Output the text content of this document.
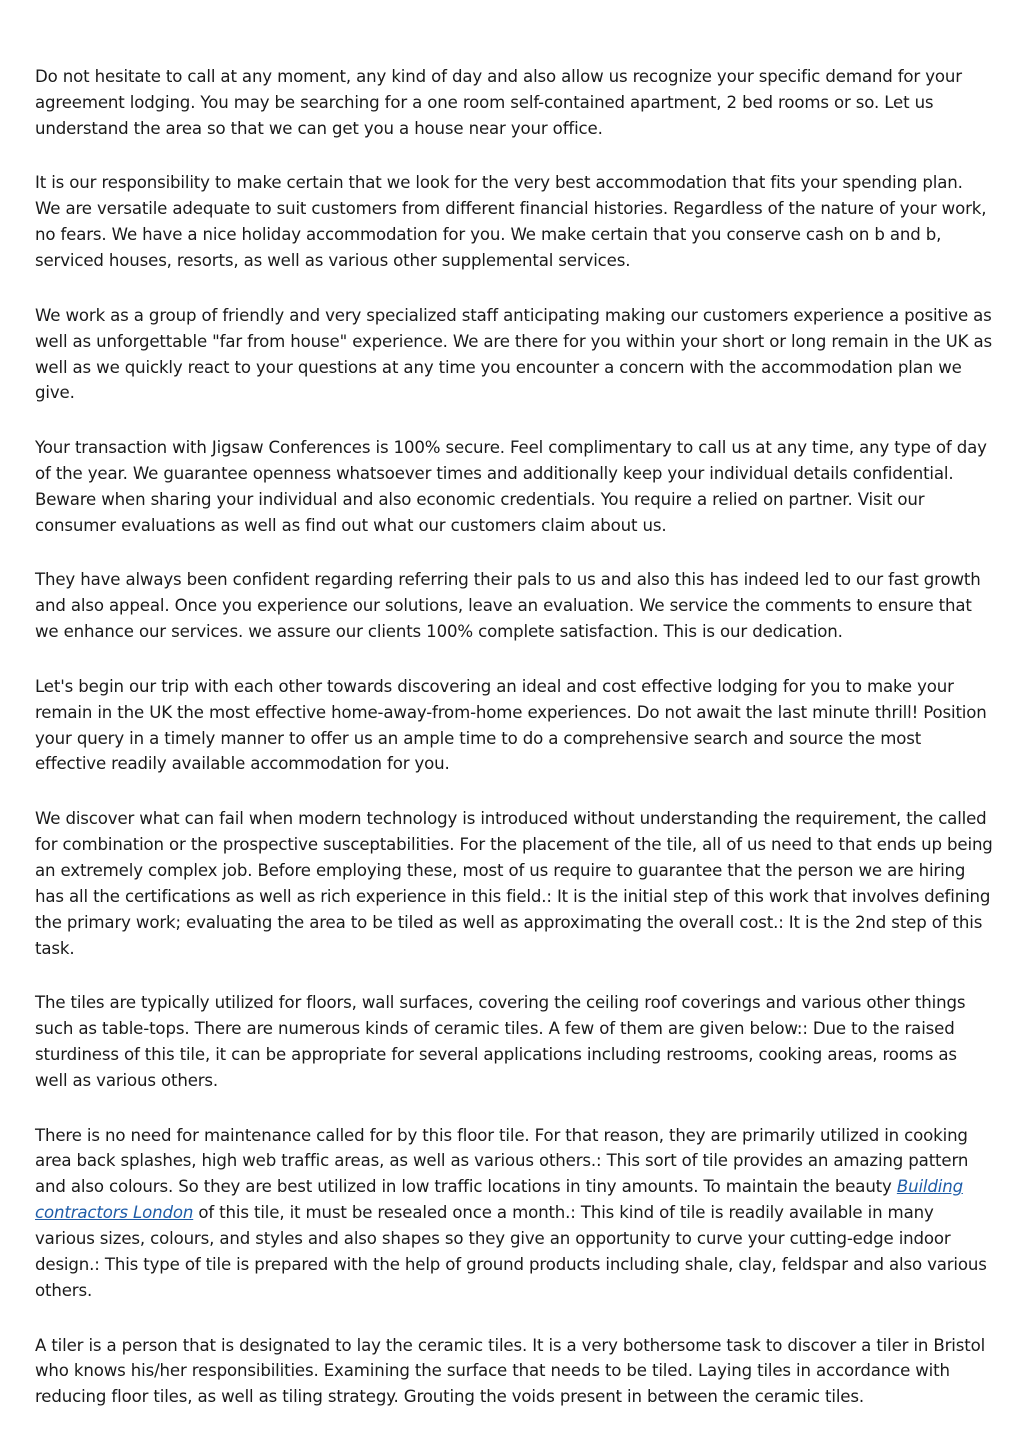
Do not hesitate to call at any moment, any kind of day and also allow us recognize your specific demand for your agreement lodging. You may be searching for a one room self-contained apartment, 2 bed rooms or so. Let us understand the area so that we can get you a house near your office.

It is our responsibility to make certain that we look for the very best accommodation that fits your spending plan. We are versatile adequate to suit customers from different financial histories. Regardless of the nature of your work, no fears. We have a nice holiday accommodation for you. We make certain that you conserve cash on b and b, serviced houses, resorts, as well as various other supplemental services.

We work as a group of friendly and very specialized staff anticipating making our customers experience a positive as well as unforgettable "far from house" experience. We are there for you within your short or long remain in the UK as well as we quickly react to your questions at any time you encounter a concern with the accommodation plan we give.

Your transaction with Jigsaw Conferences is 100% secure. Feel complimentary to call us at any time, any type of day of the year. We guarantee openness whatsoever times and additionally keep your individual details confidential. Beware when sharing your individual and also economic credentials. You require a relied on partner. Visit our consumer evaluations as well as find out what our customers claim about us.

They have always been confident regarding referring their pals to us and also this has indeed led to our fast growth and also appeal. Once you experience our solutions, leave an evaluation. We service the comments to ensure that we enhance our services. we assure our clients 100% complete satisfaction. This is our dedication.

Let's begin our trip with each other towards discovering an ideal and cost effective lodging for you to make your remain in the UK the most effective home-away-from-home experiences. Do not await the last minute thrill! Position your query in a timely manner to offer us an ample time to do a comprehensive search and source the most effective readily available accommodation for you.

We discover what can fail when modern technology is introduced without understanding the requirement, the called for combination or the prospective susceptabilities. For the placement of the tile, all of us need to that ends up being an extremely complex job. Before employing these, most of us require to guarantee that the person we are hiring has all the certifications as well as rich experience in this field.: It is the initial step of this work that involves defining the primary work; evaluating the area to be tiled as well as approximating the overall cost.: It is the 2nd step of this task.

The tiles are typically utilized for floors, wall surfaces, covering the ceiling roof coverings and various other things such as table-tops. There are numerous kinds of ceramic tiles. A few of them are given below:: Due to the raised sturdiness of this tile, it can be appropriate for several applications including restrooms, cooking areas, rooms as well as various others.

There is no need for maintenance called for by this floor tile. For that reason, they are primarily utilized in cooking area back splashes, high web traffic areas, as well as various others.: This sort of tile provides an amazing pattern and also colours. So they are best utilized in low traffic locations in tiny amounts. To maintain the beauty Building contractors London of this tile, it must be resealed once a month.: This kind of tile is readily available in many various sizes, colours, and styles and also shapes so they give an opportunity to curve your cutting-edge indoor design.: This type of tile is prepared with the help of ground products including shale, clay, feldspar and also various others.

A tiler is a person that is designated to lay the ceramic tiles. It is a very bothersome task to discover a tiler in Bristol who knows his/her responsibilities. Examining the surface that needs to be tiled. Laying tiles in accordance with reducing floor tiles, as well as tiling strategy. Grouting the voids present in between the ceramic tiles.
